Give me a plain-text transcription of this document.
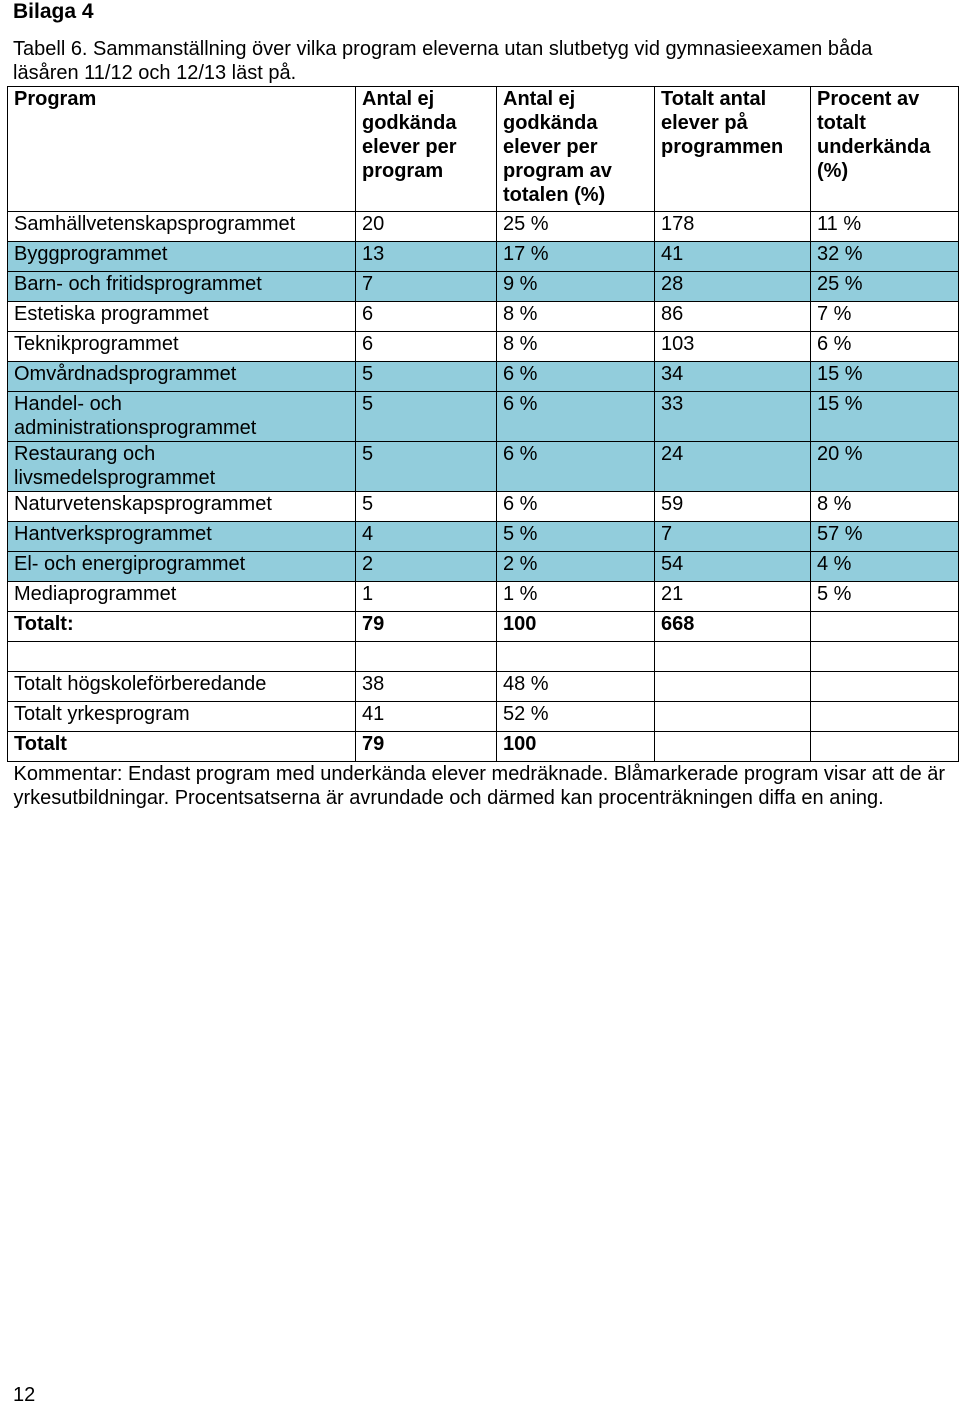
Bilaga 4
Tabell 6. Sammanställning över vilka program eleverna utan slutbetyg vid gymnasieexamen båda läsåren 11/12 och 12/13 läst på.
Program	Antal ej godkända elever per program	Antal ej godkända elever per program av totalen (%)	Totalt antal elever på programmen	Procent av totalt underkända (%)
Samhällvetenskapsprogrammet	20	25 %	178	11 %
Byggprogrammet	13	17 %	41	32 %
Barn- och fritidsprogrammet	7	9 %	28	25 %
Estetiska programmet	6	8 %	86	7 %
Teknikprogrammet	6	8 %	103	6 %
Omvårdnadsprogrammet	5	6 %	34	15 %
Handel- och administrationsprogrammet	5	6 %	33	15 %
Restaurang och livsmedelsprogrammet	5	6 %	24	20 %
Naturvetenskapsprogrammet	5	6 %	59	8 %
Hantverksprogrammet	4	5 %	7	57 %
El- och energiprogrammet	2	2 %	54	4 %
Mediaprogrammet	1	1 %	21	5 %
Totalt:	79	100	668	

Totalt högskoleförberedande	38	48 %		
Totalt yrkesprogram	41	52 %		
Totalt	79	100		
Kommentar: Endast program med underkända elever medräknade. Blåmarkerade program visar att de är yrkesutbildningar. Procentsatserna är avrundade och därmed kan procenträkningen diffa en aning.				
12
